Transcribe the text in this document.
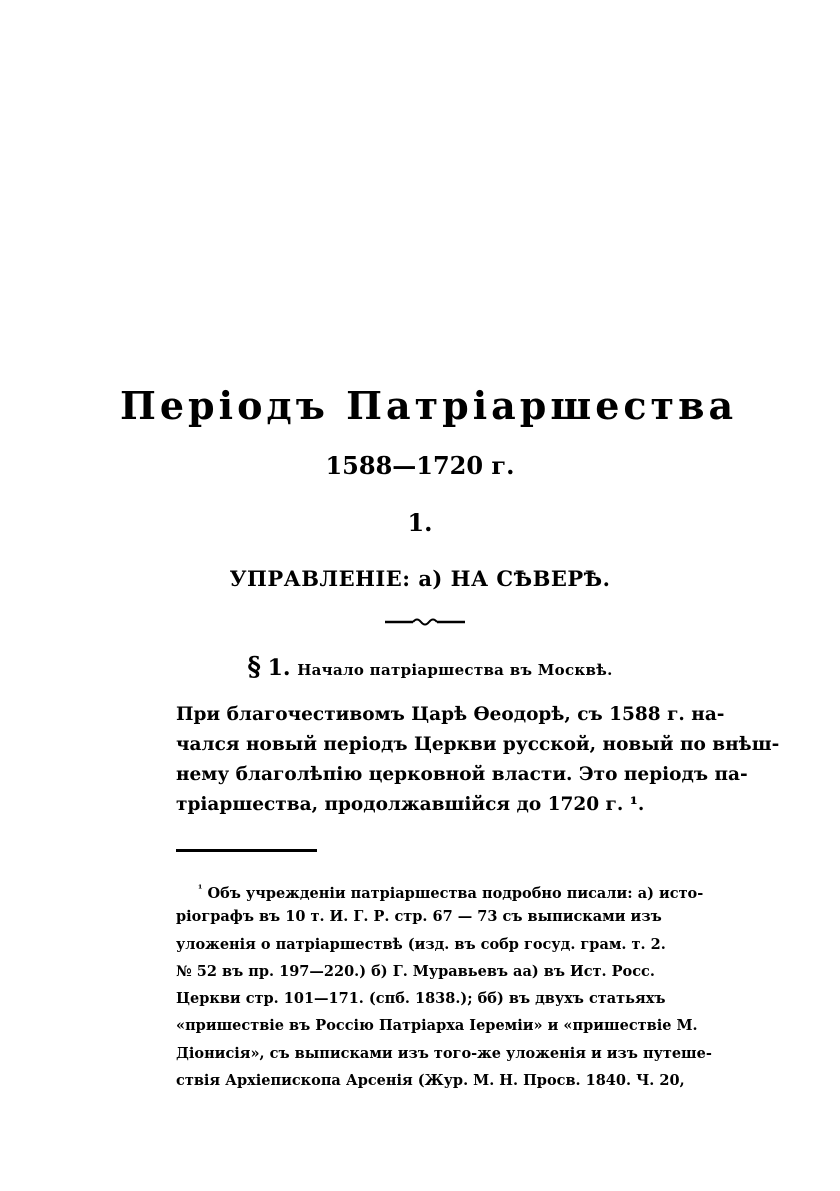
Періодъ Патріаршества
1588—1720 г.
1.
УПРАВЛЕНІЕ: а) НА СѢВЕРѢ.
§ 1. Начало патріаршества въ Москвѣ.
При благочестивомъ Царѣ Ѳеодорѣ, съ 1588 г. на-
чался новый періодъ Церкви русской, новый по внѣш-
нему благолѣпію церковной власти. Это періодъ па-
тріаршества, продолжавшійся до 1720 г. ¹.
$^{^1}$ Объ учрежденіи патріаршества подробно писали: а) исто-
ріографъ въ 10 т. И. Г. Р. стр. 67 — 73 съ выписками изъ
уложенія о патріаршествѣ (изд. въ собр госуд. грам. т. 2.
№ 52 въ пр. 197—220.) б) Г. Муравьевъ аа) въ Ист. Росс.
Церкви стр. 101—171. (спб. 1838.); бб) въ двухъ статьяхъ
«пришествіе въ Россію Патріарха Іереміи» и «пришествіе М.
Діонисія», съ выписками изъ того-же уложенія и изъ путеше-
ствія Архіепископа Арсенія (Жур. М. Н. Просв. 1840. Ч. 20,
